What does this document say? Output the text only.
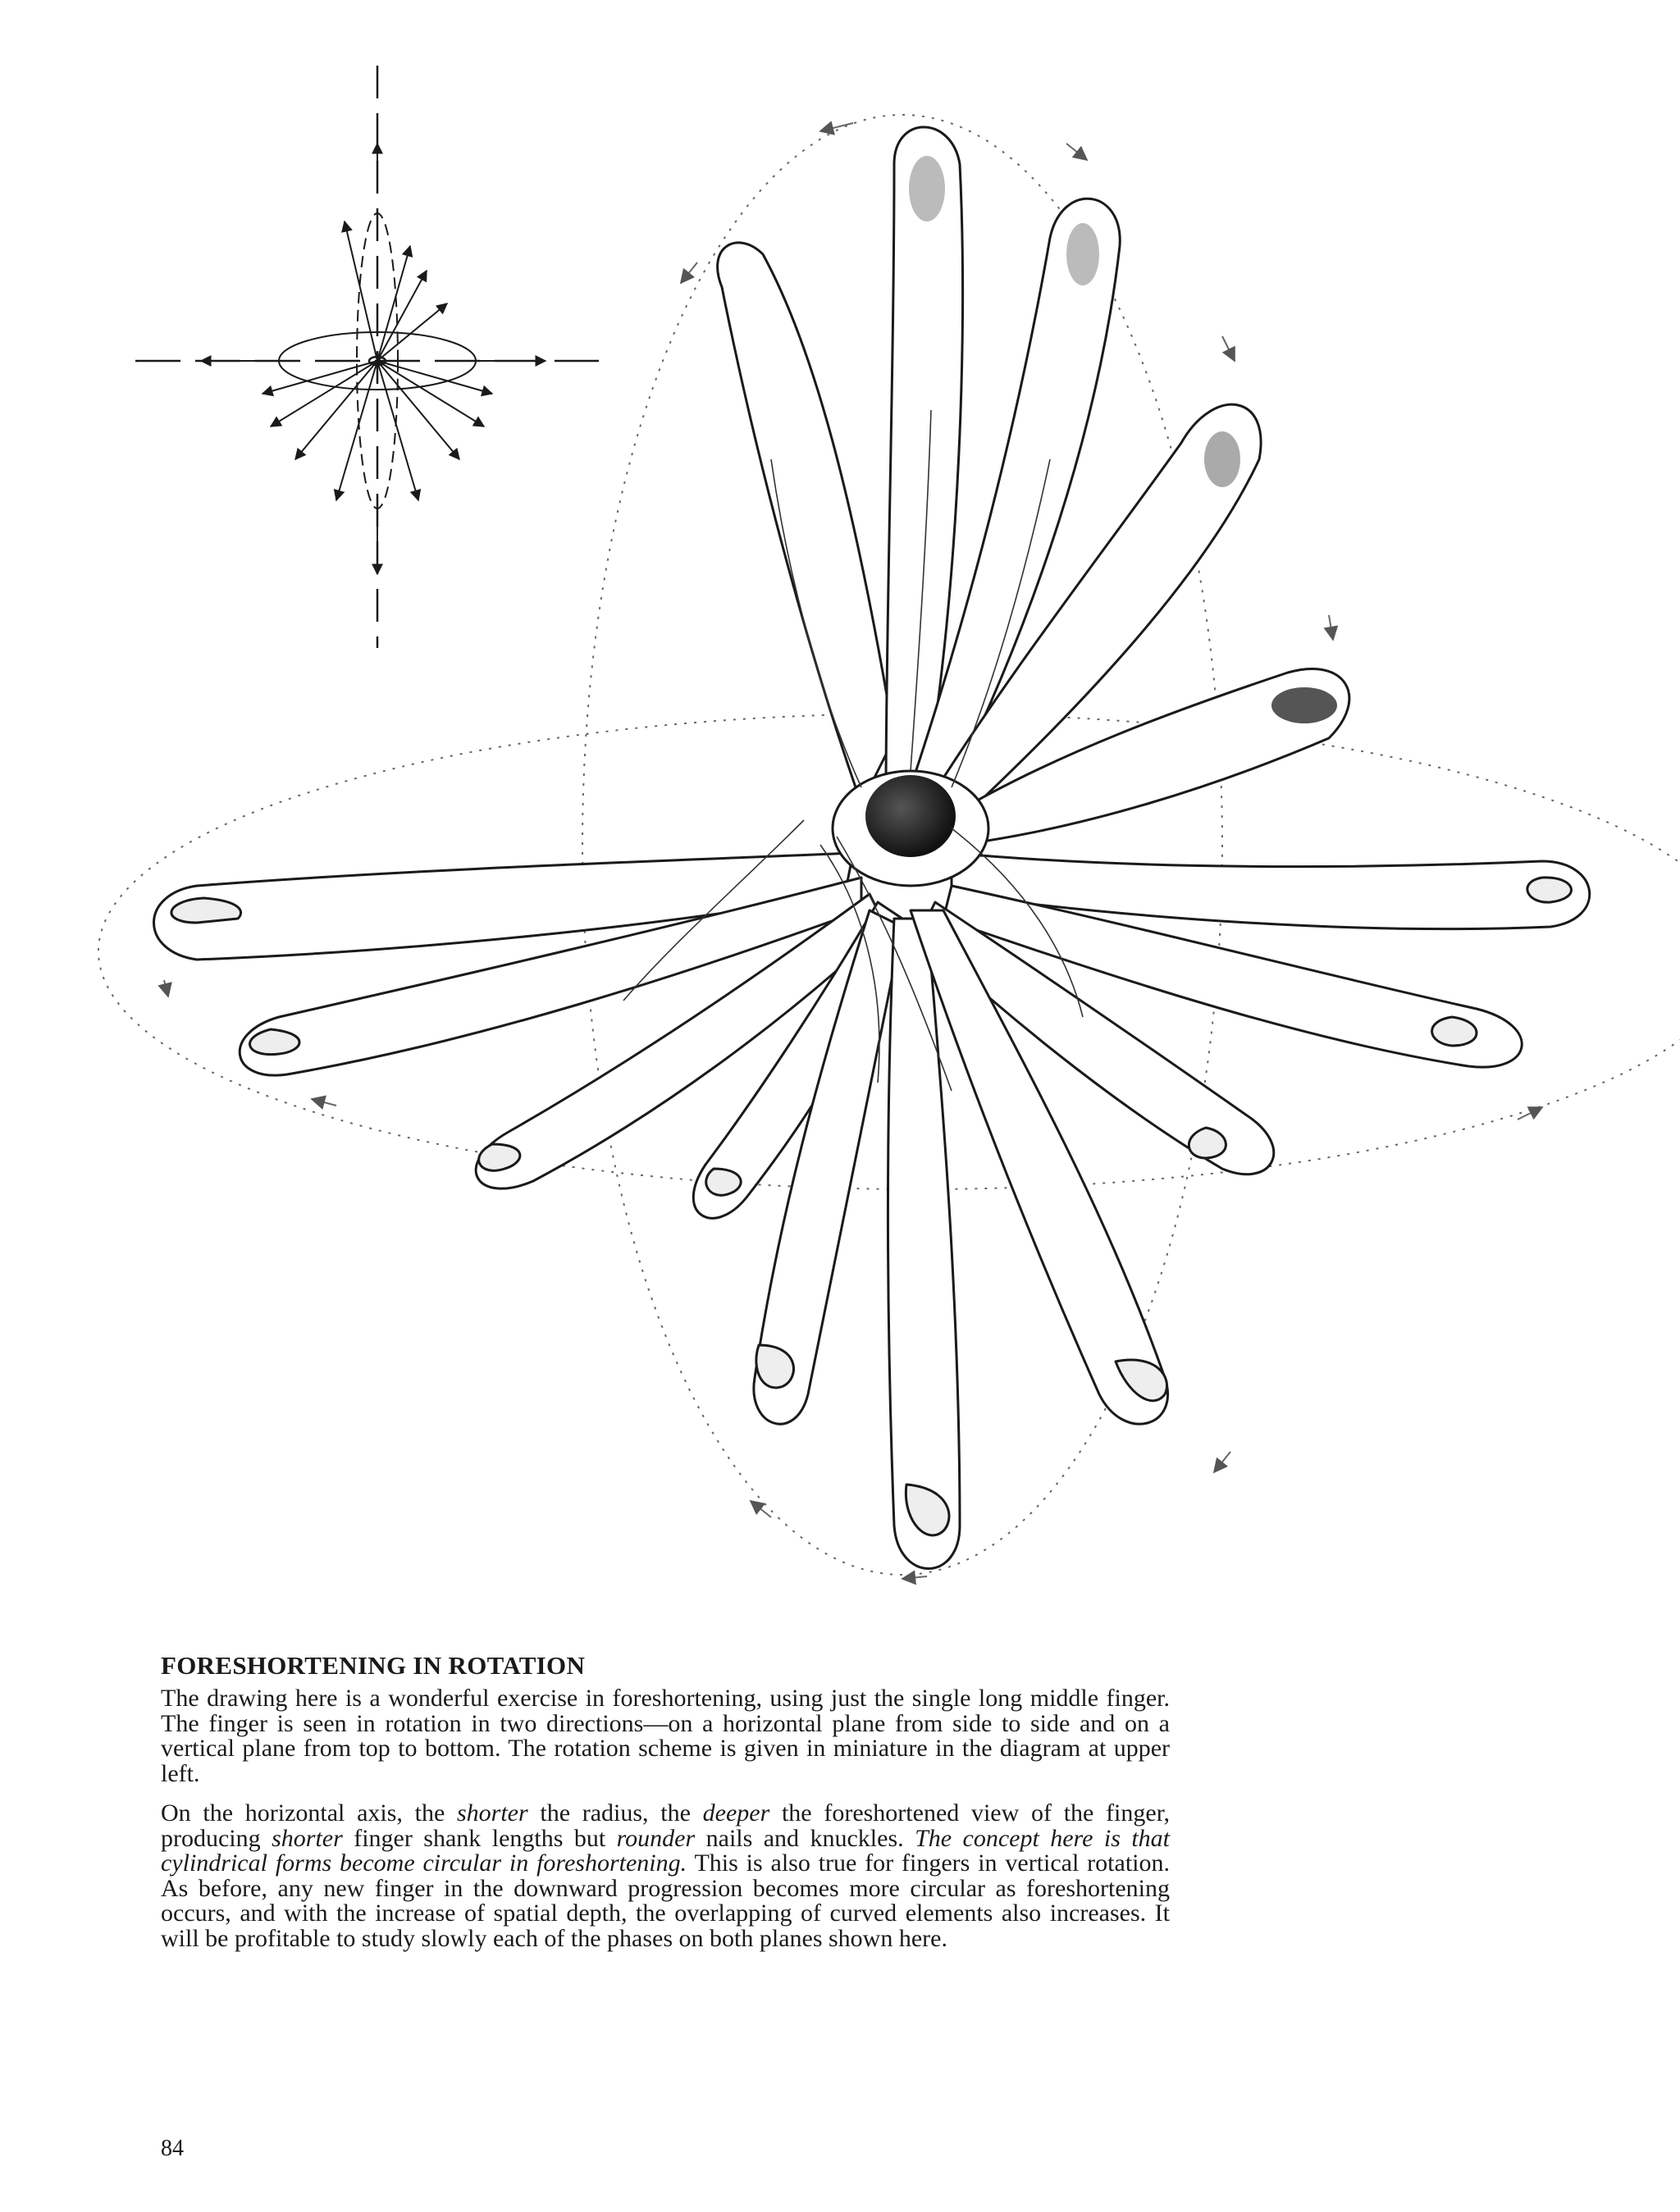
FORESHORTENING IN ROTATION

The drawing here is a wonderful exercise in foreshortening, using just the single long middle finger. The finger is seen in rotation in two directions—on a horizontal plane from side to side and on a vertical plane from top to bottom. The rotation scheme is given in miniature in the diagram at upper left.

On the horizontal axis, the shorter the radius, the deeper the foreshortened view of the finger, producing shorter finger shank lengths but rounder nails and knuckles. The concept here is that cylindrical forms become circular in foreshortening. This is also true for fingers in vertical rotation. As before, any new finger in the downward progression becomes more circular as foreshortening occurs, and with the increase of spatial depth, the overlapping of curved elements also increases. It will be profitable to study slowly each of the phases on both planes shown here.

84
